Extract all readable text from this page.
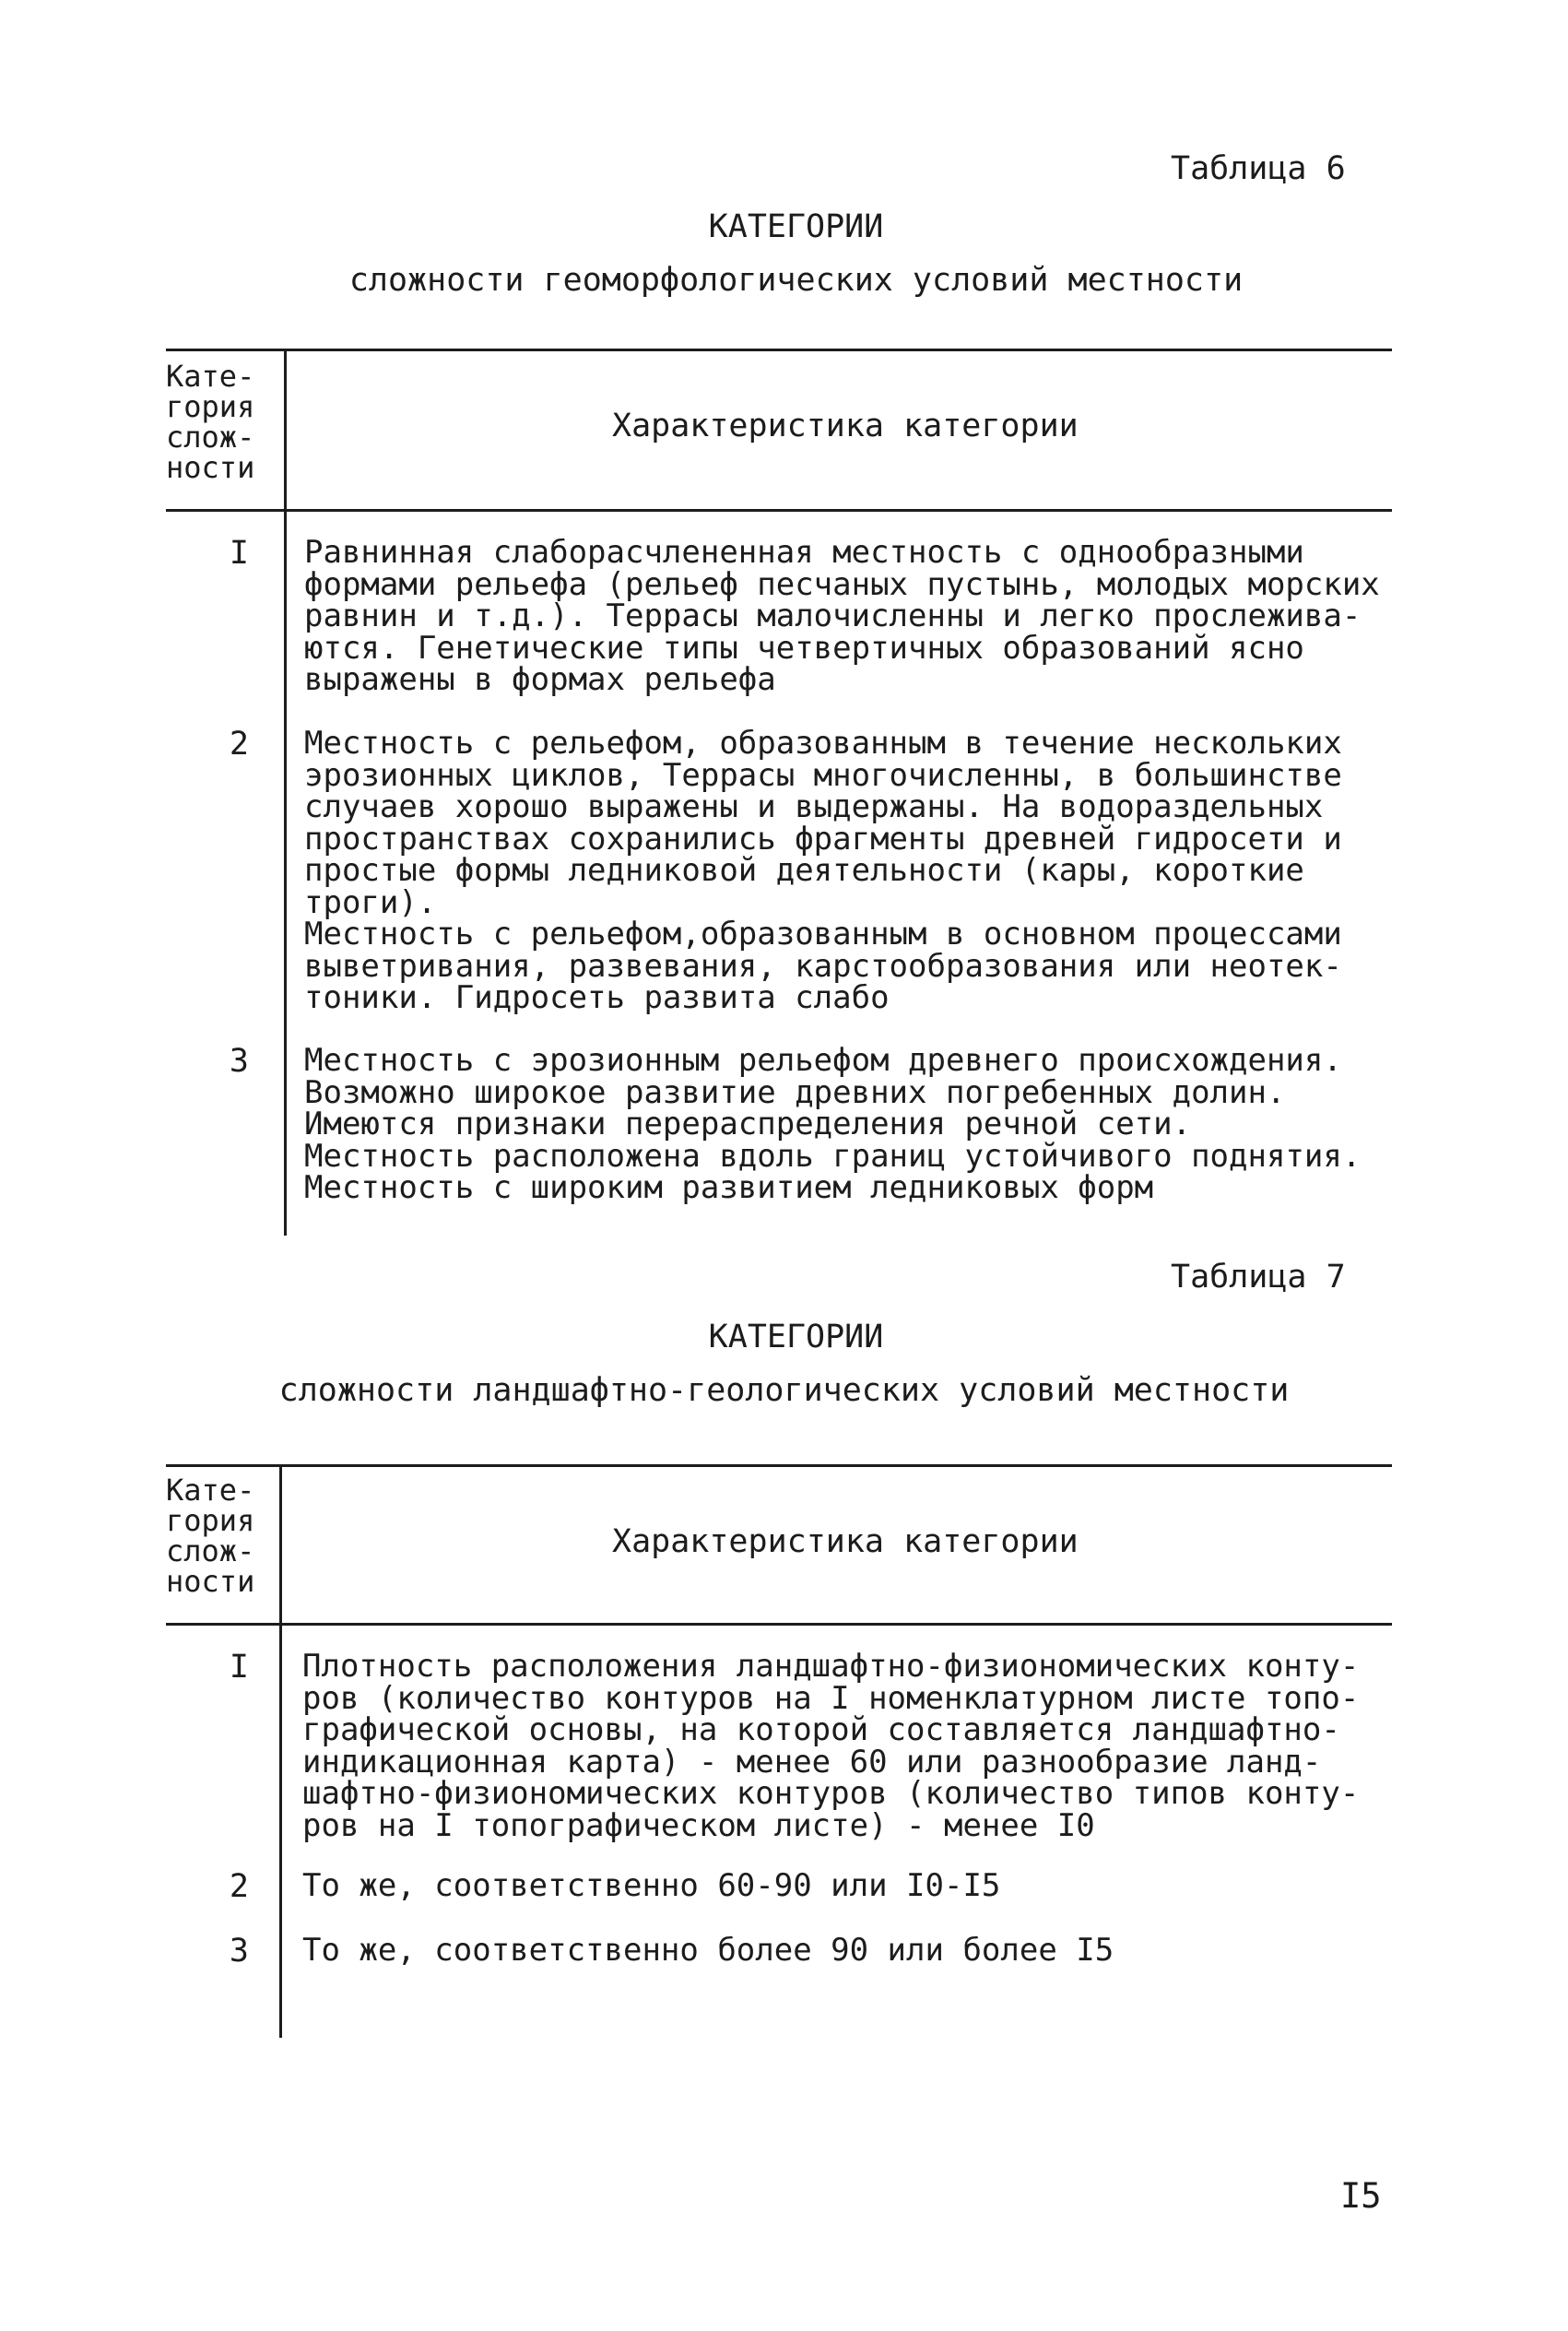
Таблица 6
КАТЕГОРИИ
сложности геоморфологических условий местности
Кате-
гория
слож-
ности
Характеристика категории
I Равнинная слаборасчлененная местность с однообразными
формами рельефа (рельеф песчаных пустынь, молодых морских
равнин и т.д.). Террасы малочисленны и легко прослежива-
ются. Генетические типы четвертичных образований ясно
выражены в формах рельефа
2 Местность с рельефом, образованным в течение нескольких
эрозионных циклов, Террасы многочисленны, в большинстве
случаев хорошо выражены и выдержаны. На водораздельных
пространствах сохранились фрагменты древней гидросети и
простые формы ледниковой деятельности (кары, короткие
троги).
Местность с рельефом,образованным в основном процессами
выветривания, развевания, карстообразования или неотек-
тоники. Гидросеть развита слабо
3 Местность с эрозионным рельефом древнего происхождения.
Возможно широкое развитие древних погребенных долин.
Имеются признаки перераспределения речной сети.
Местность расположена вдоль границ устойчивого поднятия.
Местность с широким развитием ледниковых форм
Таблица 7
КАТЕГОРИИ
сложности ландшафтно-геологических условий местности
Кате-
гория
слож-
ности
Характеристика категории
I Плотность расположения ландшафтно-физиономических конту-
ров (количество контуров на I номенклатурном листе топо-
графической основы, на которой составляется ландшафтно-
индикационная карта) - менее 60 или разнообразие ланд-
шафтно-физиономических контуров (количество типов конту-
ров на I топографическом листе) - менее I0
2 То же, соответственно 60-90 или I0-I5
3 То же, соответственно более 90 или более I5
I5
